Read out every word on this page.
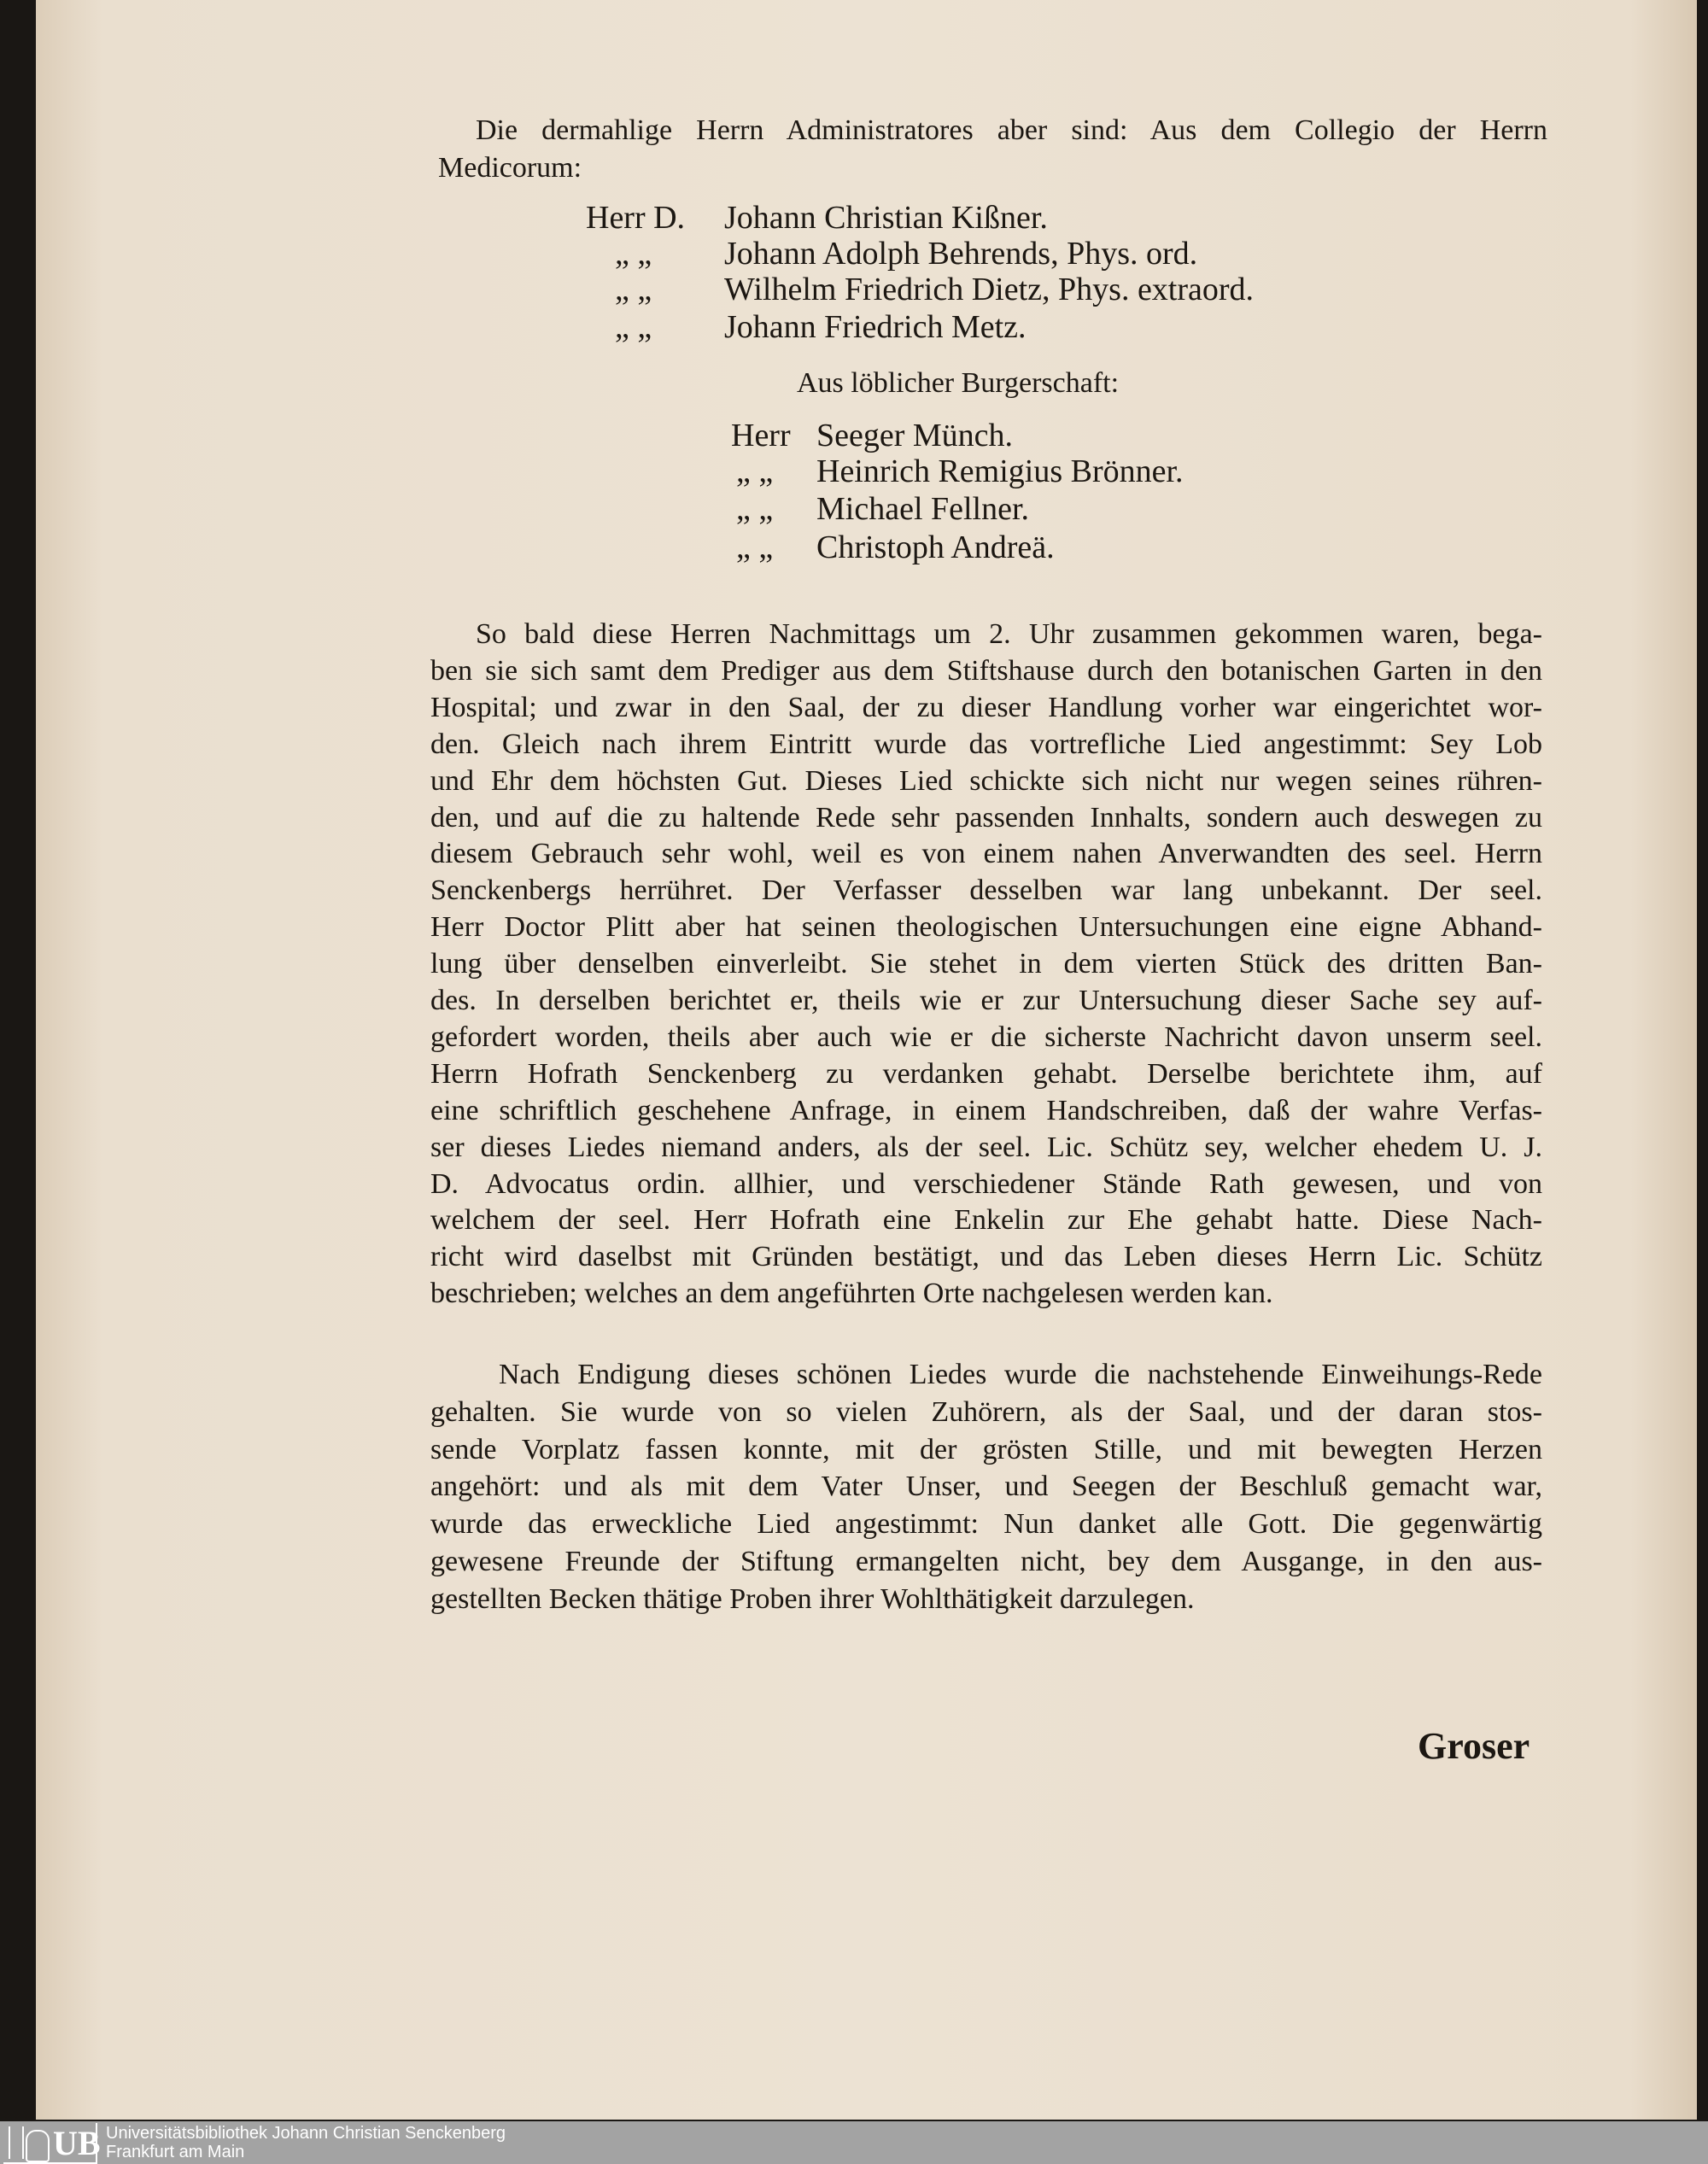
Die dermahlige Herrn Administratores aber sind: Aus dem Collegio der Herrn
Medicorum:
Herr D.	Johann Christian Kißner.
„ „	Johann Adolph Behrends, Phys. ord.
„ „	Wilhelm Friedrich Dietz, Phys. extraord.
„ „	Johann Friedrich Metz.
Aus löblicher Burgerschaft:
Herr Seeger Münch.
„ „	Heinrich Remigius Brönner.
„ „	Michael Fellner.
„ „	Christoph Andreä.
So bald diese Herren Nachmittags um 2. Uhr zusammen gekommen waren, bega-
ben sie sich samt dem Prediger aus dem Stiftshause durch den botanischen Garten in den
Hospital; und zwar in den Saal, der zu dieser Handlung vorher war eingerichtet wor-
den. Gleich nach ihrem Eintritt wurde das vortrefliche Lied angestimmt: Sey Lob
und Ehr dem höchsten Gut. Dieses Lied schickte sich nicht nur wegen seines rühren-
den, und auf die zu haltende Rede sehr passenden Innhalts, sondern auch deswegen zu
diesem Gebrauch sehr wohl, weil es von einem nahen Anverwandten des seel. Herrn
Senckenbergs herrühret. Der Verfasser desselben war lang unbekannt. Der seel.
Herr Doctor Plitt aber hat seinen theologischen Untersuchungen eine eigne Abhand-
lung über denselben einverleibt. Sie stehet in dem vierten Stück des dritten Ban-
des. In derselben berichtet er, theils wie er zur Untersuchung dieser Sache sey auf-
gefordert worden, theils aber auch wie er die sicherste Nachricht davon unserm seel.
Herrn Hofrath Senckenberg zu verdanken gehabt. Derselbe berichtete ihm, auf
eine schriftlich geschehene Anfrage, in einem Handschreiben, daß der wahre Verfas-
ser dieses Liedes niemand anders, als der seel. Lic. Schütz sey, welcher ehedem U. J.
D. Advocatus ordin. allhier, und verschiedener Stände Rath gewesen, und von
welchem der seel. Herr Hofrath eine Enkelin zur Ehe gehabt hatte. Diese Nach-
richt wird daselbst mit Gründen bestätigt, und das Leben dieses Herrn Lic. Schütz
beschrieben; welches an dem angeführten Orte nachgelesen werden kan.
Nach Endigung dieses schönen Liedes wurde die nachstehende Einweihungs-Rede
gehalten. Sie wurde von so vielen Zuhörern, als der Saal, und der daran stos-
sende Vorplatz fassen konnte, mit der grösten Stille, und mit bewegten Herzen
angehört: und als mit dem Vater Unser, und Seegen der Beschluß gemacht war,
wurde das erweckliche Lied angestimmt: Nun danket alle Gott. Die gegenwärtig
gewesene Freunde der Stiftung ermangelten nicht, bey dem Ausgange, in den aus-
gestellten Becken thätige Proben ihrer Wohlthätigkeit darzulegen.
Groser
UB Universitätsbibliothek Johann Christian Senckenberg
Frankfurt am Main
